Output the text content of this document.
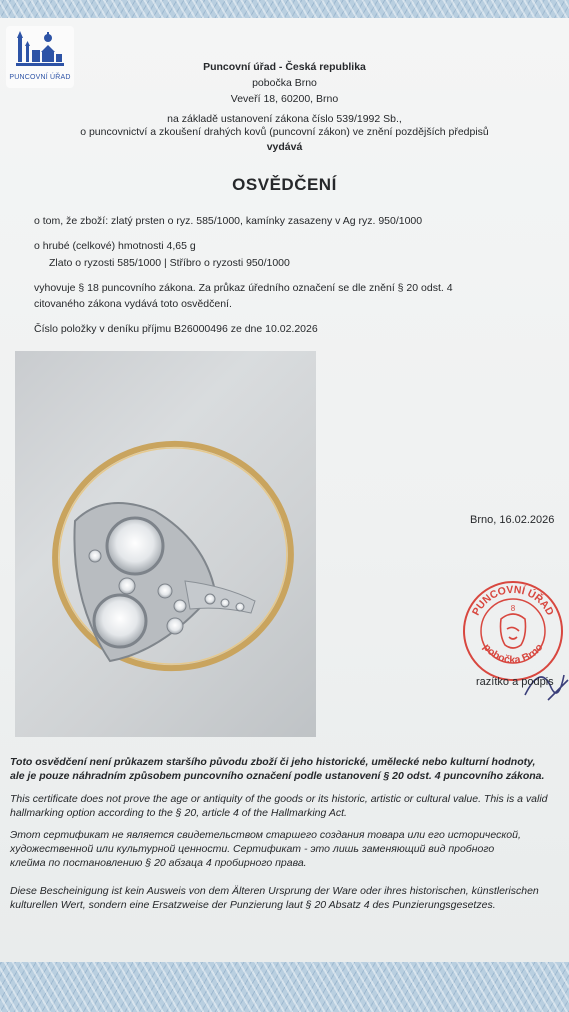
PUNCOVNÍ ÚŘAD
Puncovní úřad - Česká republika
pobočka Brno
Veveří 18, 60200, Brno
na základě ustanovení zákona číslo 539/1992 Sb.,
o puncovnictví a zkoušení drahých kovů (puncovní zákon) ve znění pozdějších předpisů
vydává
OSVĚDČENÍ
o tom, že zboží: zlatý prsten o ryz. 585/1000, kamínky zasazeny v Ag ryz. 950/1000
o hrubé (celkové) hmotnosti 4,65 g
Zlato o ryzosti 585/1000 | Stříbro o ryzosti 950/1000
vyhovuje § 18 puncovního zákona. Za průkaz úředního označení se dle znění § 20 odst. 4
citovaného zákona vydává toto osvědčení.
Číslo položky v deníku příjmu B26000496 ze dne 10.02.2026
Brno, 16.02.2026
PUNCOVNÍ ÚŘAD
pobočka Brno
8
razítko a podpis
Toto osvědčení není průkazem staršího původu zboží či jeho historické, umělecké nebo kulturní hodnoty,
ale je pouze náhradním způsobem puncovního označení podle ustanovení § 20 odst. 4 puncovního zákona.
This certificate does not prove the age or antiquity of the goods or its historic, artistic or cultural value. This is a valid
hallmarking option according to the § 20, article 4 of the Hallmarking Act.
Этот сертификат не является свидетельством старшего создания товара или его исторической,
художественной или культурной ценности. Сертификат - это лишь заменяющий вид пробного
клейма по постановлению § 20 абзаца 4 пробирного права.
Diese Bescheinigung ist kein Ausweis von dem Älteren Ursprung der Ware oder ihres historischen, künstlerischen
kulturellen Wert, sondern eine Ersatzweise der Punzierung laut § 20 Absatz 4 des Punzierungsgesetzes.
